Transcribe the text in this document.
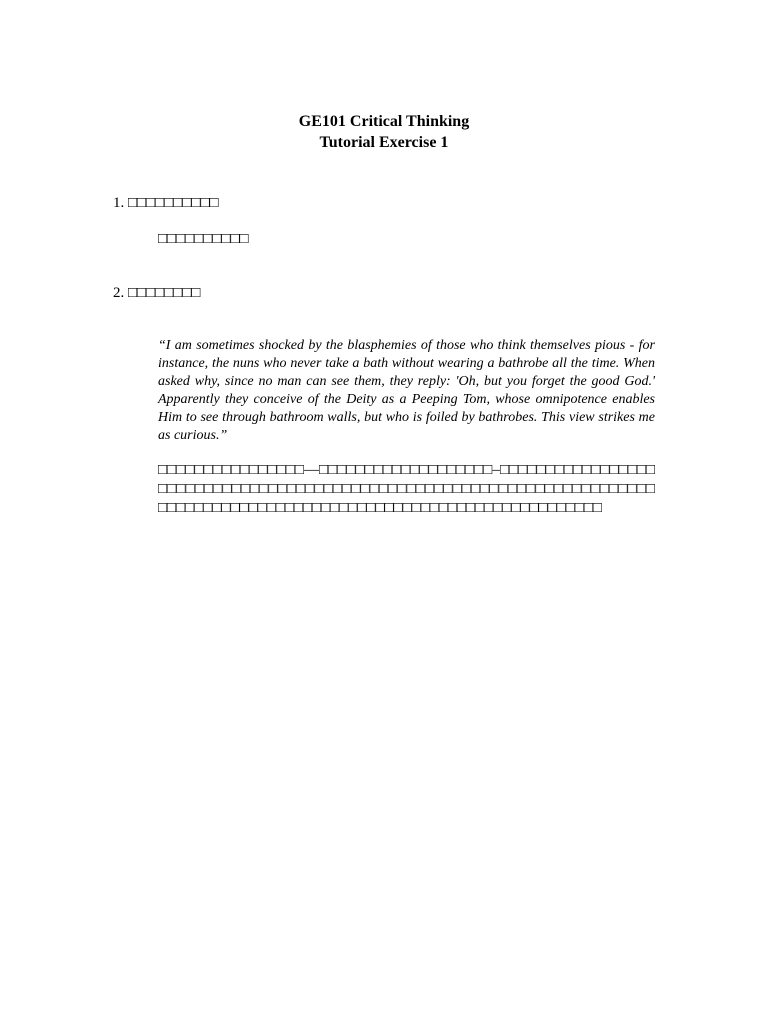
GE101 Critical Thinking
Tutorial Exercise 1
1. □□□□□□□□□□
□□□□□□□□□□
2. □□□□□□□□
“I am sometimes shocked by the blasphemies of those who think themselves pious - for instance, the nuns who never take a bath without wearing a bathrobe all the time. When asked why, since no man can see them, they reply: 'Oh, but you forget the good God.' Apparently they conceive of the Deity as a Peeping Tom, whose omnipotence enables Him to see through bathroom walls, but who is foiled by bathrobes. This view strikes me as curious.”
□□□□□□□□□□□□□□□□—□□□□□□□□□□□□□□□□□□□–□□□□□□□□□□□□□□□□□□□□□□□□□□□□□□□□□□□□□□□□□□□□□□□□□□□□□□□□□□□□□□□□□□□□□□□□□□□□□□□□□□□□□□□□□□□□□□□□□□□□□□□□□□□□□□□□□□□□□□□□
